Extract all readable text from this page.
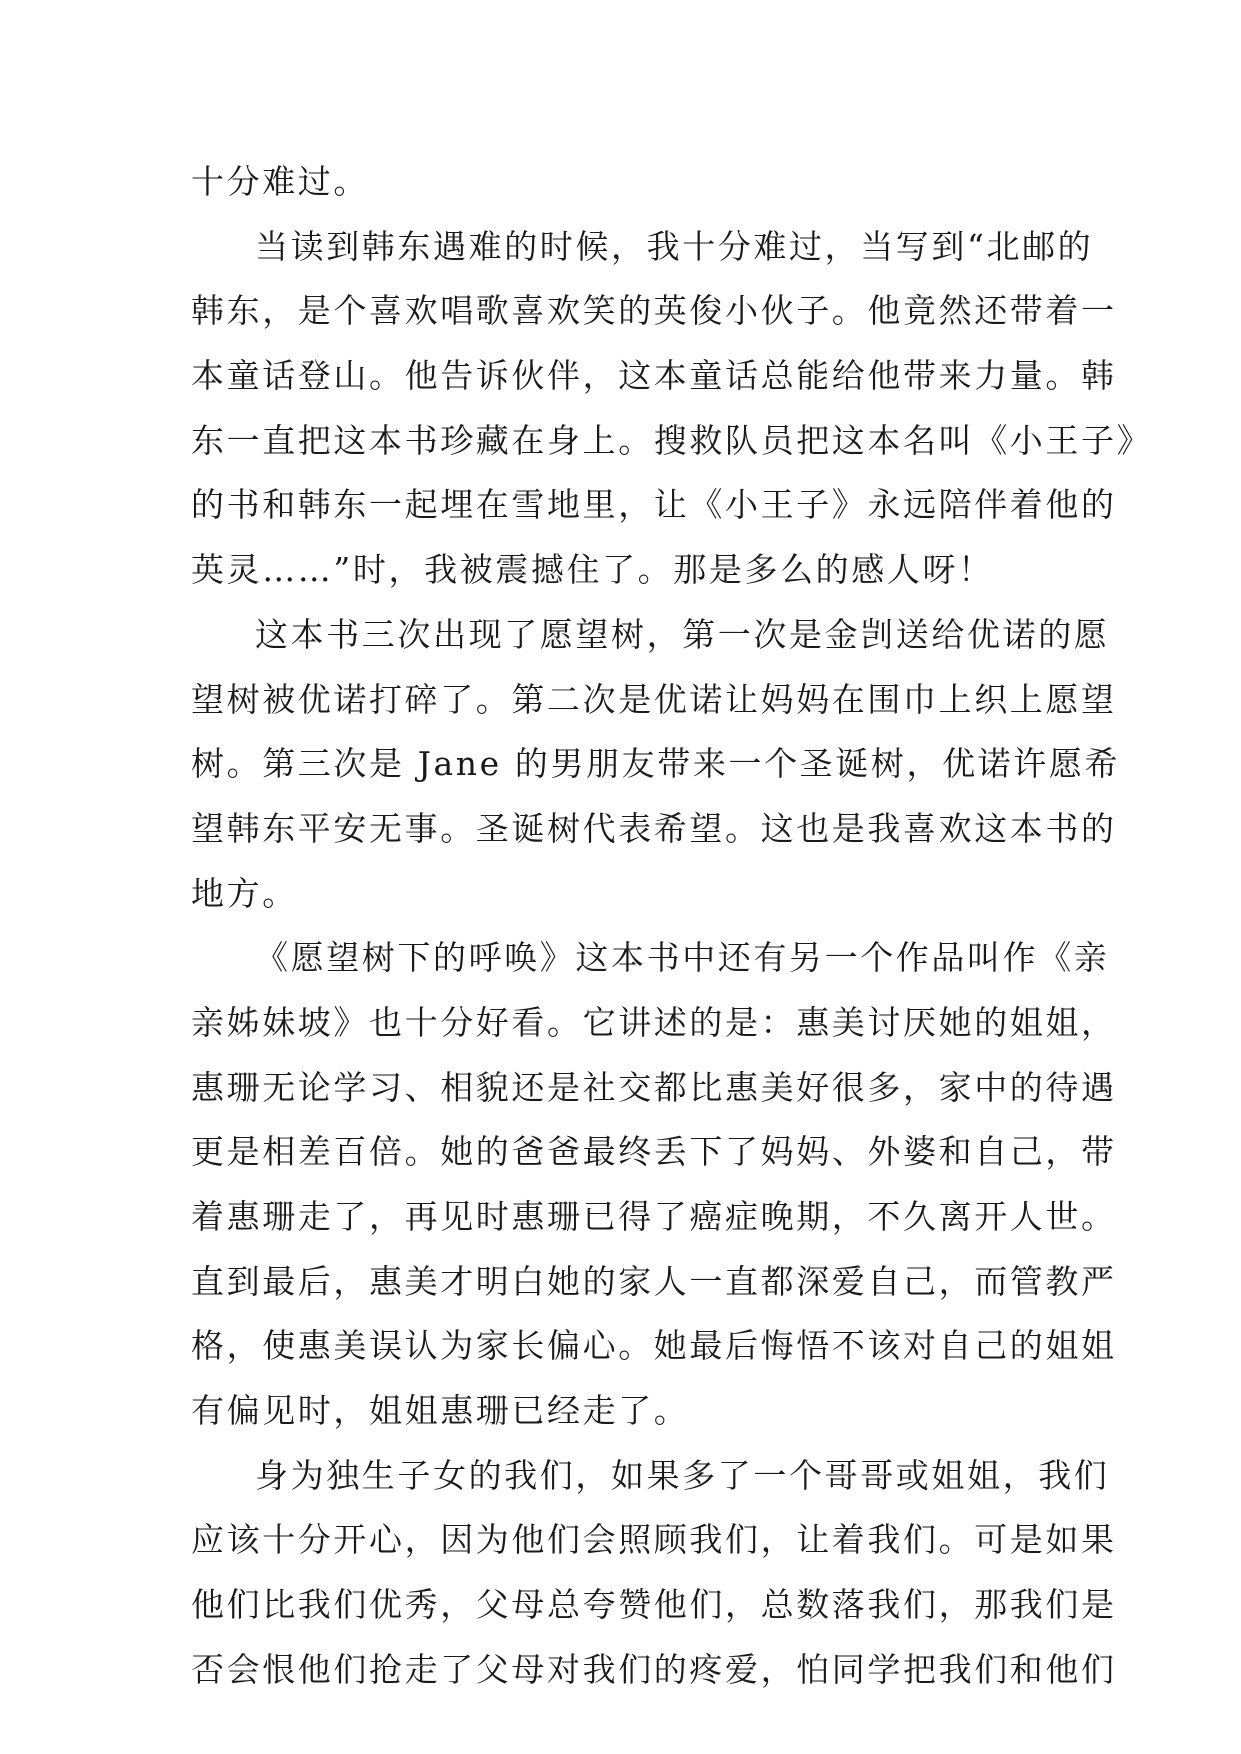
十分难过。
当读到韩东遇难的时候，我十分难过，当写到“北邮的
韩东，是个喜欢唱歌喜欢笑的英俊小伙子。他竟然还带着一
本童话登山。他告诉伙伴，这本童话总能给他带来力量。韩
东一直把这本书珍藏在身上。搜救队员把这本名叫《小王子》
的书和韩东一起埋在雪地里，让《小王子》永远陪伴着他的
英灵……”时，我被震撼住了。那是多么的感人呀！
这本书三次出现了愿望树，第一次是金剀送给优诺的愿
望树被优诺打碎了。第二次是优诺让妈妈在围巾上织上愿望
树。第三次是 Jane 的男朋友带来一个圣诞树，优诺许愿希
望韩东平安无事。圣诞树代表希望。这也是我喜欢这本书的
地方。
《愿望树下的呼唤》这本书中还有另一个作品叫作《亲
亲姊妹坡》也十分好看。它讲述的是：惠美讨厌她的姐姐，
惠珊无论学习、相貌还是社交都比惠美好很多，家中的待遇
更是相差百倍。她的爸爸最终丢下了妈妈、外婆和自己，带
着惠珊走了，再见时惠珊已得了癌症晚期，不久离开人世。
直到最后，惠美才明白她的家人一直都深爱自己，而管教严
格，使惠美误认为家长偏心。她最后悔悟不该对自己的姐姐
有偏见时，姐姐惠珊已经走了。
身为独生子女的我们，如果多了一个哥哥或姐姐，我们
应该十分开心，因为他们会照顾我们，让着我们。可是如果
他们比我们优秀，父母总夸赞他们，总数落我们，那我们是
否会恨他们抢走了父母对我们的疼爱，怕同学把我们和他们
